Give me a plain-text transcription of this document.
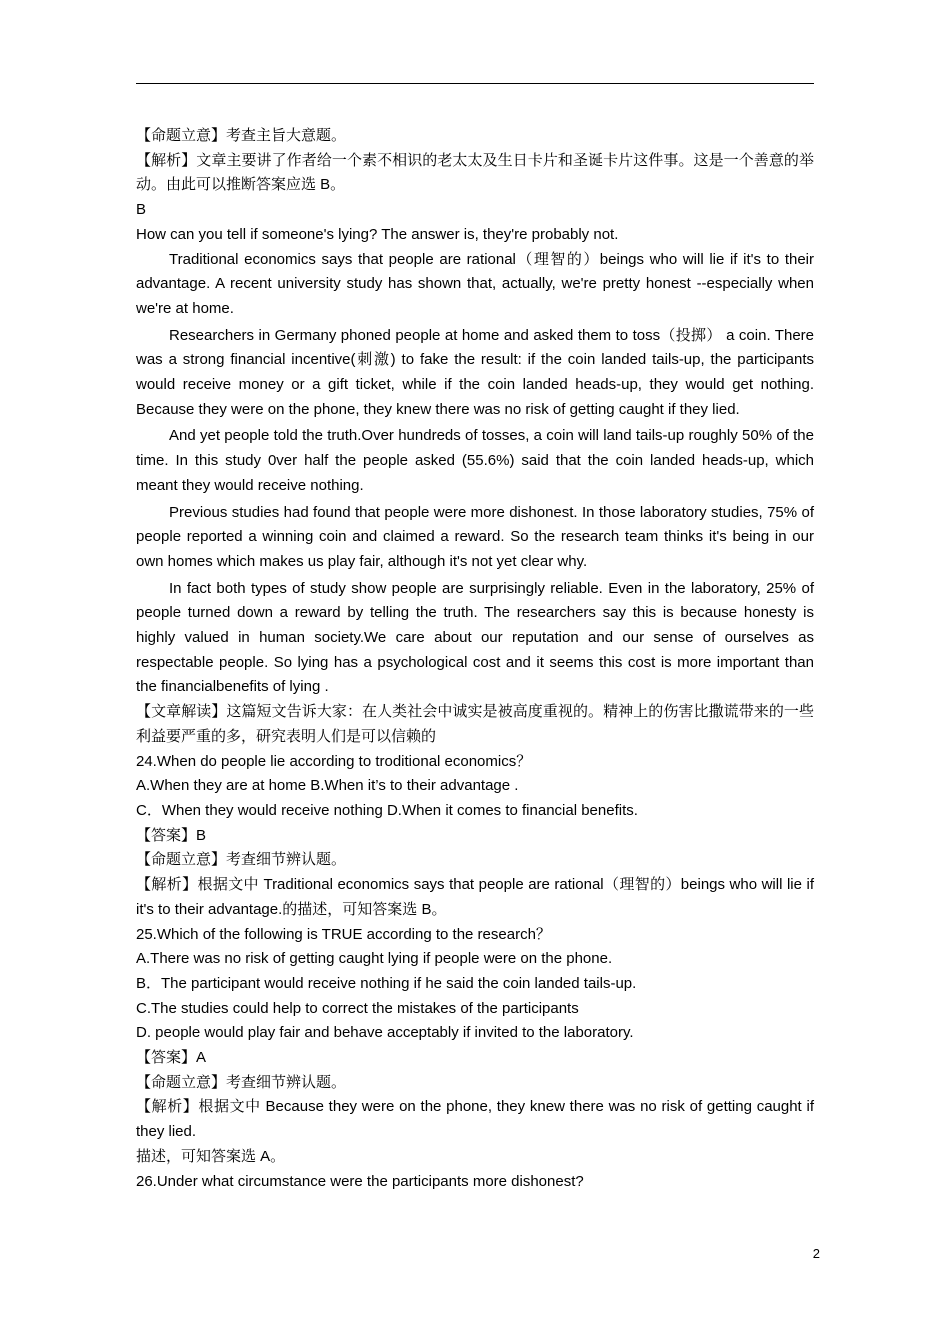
【命题立意】考查主旨大意题。

【解析】文章主要讲了作者给一个素不相识的老太太及生日卡片和圣诞卡片这件事。这是一个善意的举动。由此可以推断答案应选 B。

B

How can you tell if someone's lying? The answer is, they're probably not.

Traditional economics says that people are rational（理智的）beings who will lie if it's to their advantage. A recent university study has shown that, actually, we're pretty honest --especially when we're at home.

Researchers in Germany phoned people at home and asked them to toss（投掷） a coin. There was a strong financial incentive(刺激) to fake the result: if the coin landed tails-up, the participants would receive money or a gift ticket, while if the coin landed heads-up, they would get nothing. Because they were on the phone, they knew there was no risk of getting caught if they lied.

And yet people told the truth.Over hundreds of tosses, a coin will land tails-up roughly 50% of the time. In this study 0ver half the people asked (55.6%) said that the coin landed heads-up, which meant they would receive nothing.

Previous studies had found that people were more dishonest. In those laboratory studies, 75% of people reported a winning coin and claimed a reward. So the research team thinks it's being in our own homes which makes us play fair, although it's not yet clear why.

In fact both types of study show people are surprisingly reliable. Even in the laboratory, 25% of people turned down a reward by telling the truth. The researchers say this is because honesty is highly valued in human society.We care about our reputation and our sense of ourselves as respectable people. So lying has a psychological cost and it seems this cost is more important than the financialbenefits of lying .

【文章解读】这篇短文告诉大家：在人类社会中诚实是被高度重视的。精神上的伤害比撒谎带来的一些利益要严重的多，研究表明人们是可以信赖的

24.When do people lie according to troditional economics？

A.When they are at home B.When it’s to their advantage .

C．When they would receive nothing D.When it comes to financial benefits.

【答案】B

【命题立意】考查细节辨认题。

【解析】根据文中 Traditional economics says that people are rational（理智的）beings who will lie if it's to their advantage.的描述，可知答案选 B。

25.Which of the following is TRUE according to the research？

A.There was no risk of getting caught lying if people were on the phone.

B．The participant would receive nothing if he said the coin landed tails-up.

C.The studies could help to correct the mistakes of the participants

D. people would play fair and behave acceptably if invited to the laboratory.

【答案】A

【命题立意】考查细节辨认题。

【解析】根据文中 Because they were on the phone, they knew there was no risk of getting caught if they lied.

描述，可知答案选 A。

26.Under what circumstance were the participants more dishonest?

2
